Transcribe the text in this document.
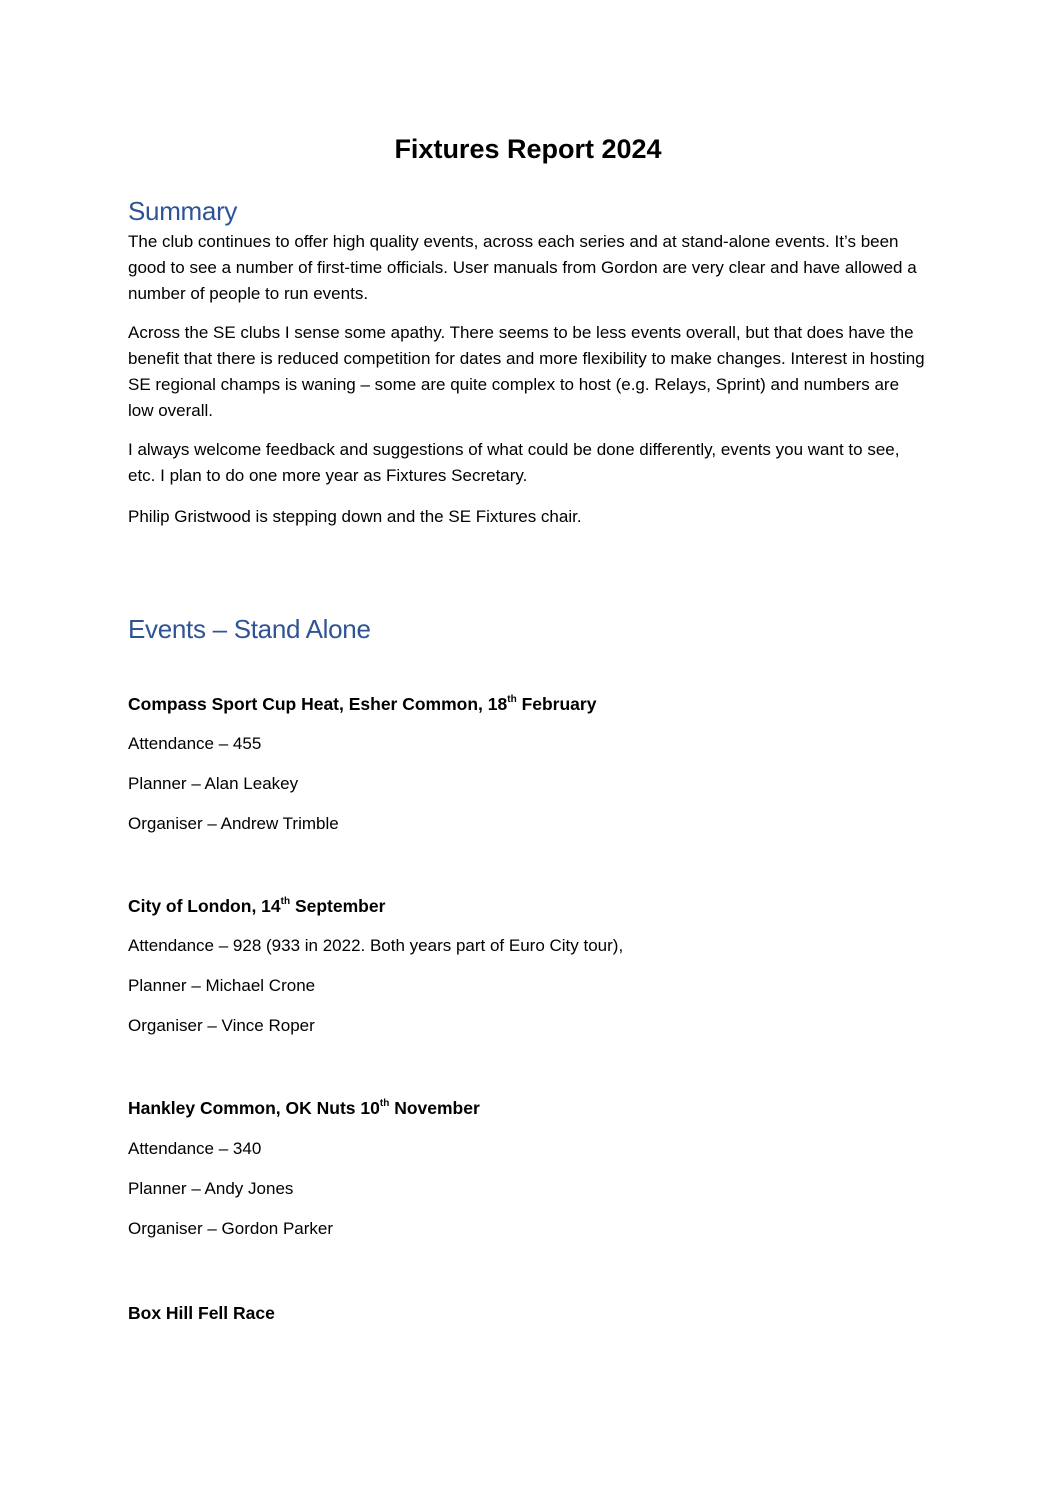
Fixtures Report 2024
Summary

The club continues to offer high quality events, across each series and at stand-alone events. It’s been good to see a number of first-time officials. User manuals from Gordon are very clear and have allowed a number of people to run events.

Across the SE clubs I sense some apathy. There seems to be less events overall, but that does have the benefit that there is reduced competition for dates and more flexibility to make changes. Interest in hosting SE regional champs is waning – some are quite complex to host (e.g. Relays, Sprint) and numbers are low overall.

I always welcome feedback and suggestions of what could be done differently, events you want to see, etc. I plan to do one more year as Fixtures Secretary.

Philip Gristwood is stepping down and the SE Fixtures chair.

Events – Stand Alone

Compass Sport Cup Heat, Esher Common, 18th February

Attendance – 455

Planner – Alan Leakey

Organiser – Andrew Trimble

City of London, 14th September

Attendance – 928 (933 in 2022. Both years part of Euro City tour),

Planner – Michael Crone

Organiser – Vince Roper

Hankley Common, OK Nuts 10th November

Attendance – 340

Planner – Andy Jones

Organiser – Gordon Parker

Box Hill Fell Race
